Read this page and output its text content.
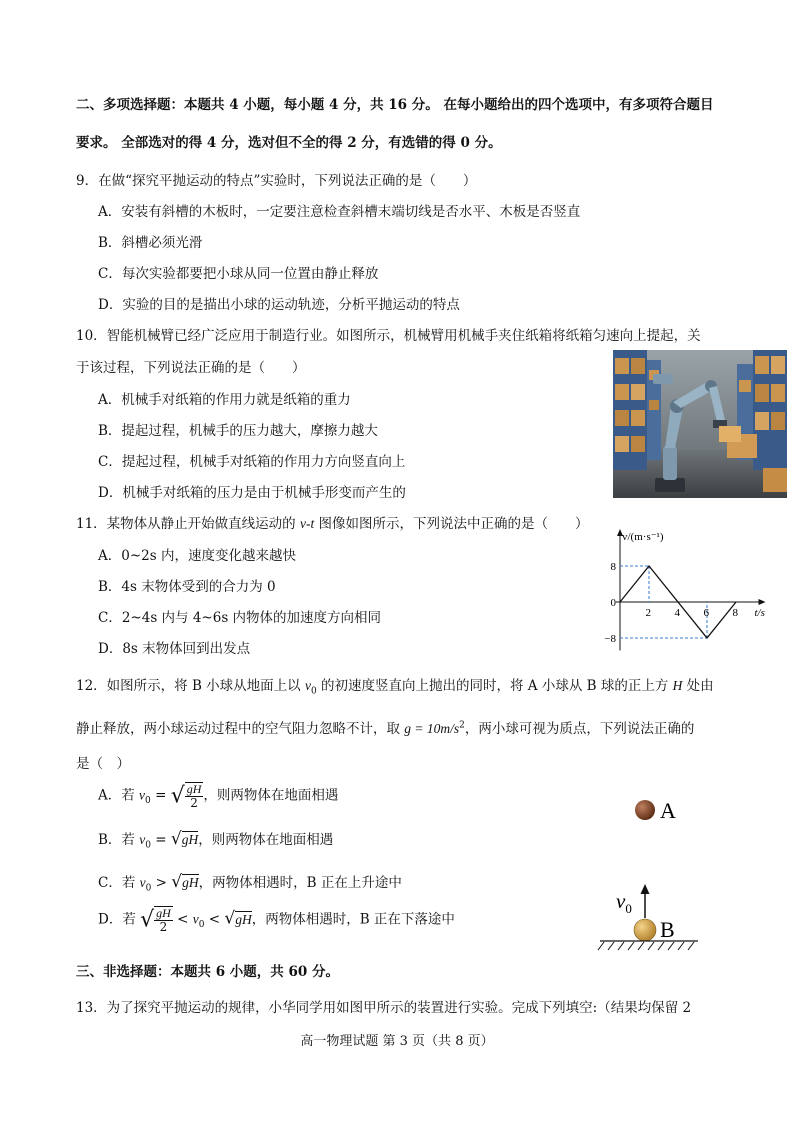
二、多项选择题：本题共 4 小题，每小题 4 分，共 16 分。 在每小题给出的四个选项中，有多项符合题目
要求。 全部选对的得 4 分，选对但不全的得 2 分，有选错的得 0 分。
9．在做“探究平抛运动的特点”实验时，下列说法正确的是（　　）
A．安装有斜槽的木板时，一定要注意检查斜槽末端切线是否水平、木板是否竖直
B．斜槽必须光滑
C．每次实验都要把小球从同一位置由静止释放
D．实验的目的是描出小球的运动轨迹，分析平抛运动的特点
10．智能机械臂已经广泛应用于制造行业。如图所示，机械臂用机械手夹住纸箱将纸箱匀速向上提起，关
于该过程，下列说法正确的是（　　）
A．机械手对纸箱的作用力就是纸箱的重力
B．提起过程，机械手的压力越大，摩擦力越大
C．提起过程，机械手对纸箱的作用力方向竖直向上
D．机械手对纸箱的压力是由于机械手形变而产生的
11．某物体从静止开始做直线运动的 v-t 图像如图所示，下列说法中正确的是（　　）
A．0~2s 内，速度变化越来越快
B．4s 末物体受到的合力为 0
C．2~4s 内与 4~6s 内物体的加速度方向相同
D．8s 末物体回到出发点
v/(m·s⁻¹)
t/s
2 4 6 8
8
0
−8
12．如图所示，将 B 小球从地面上以 $v_0$ 的初速度竖直向上抛出的同时，将 A 小球从 B 球的正上方 H 处由
静止释放，两小球运动过程中的空气阻力忽略不计，取 $g = 10m/s^2$，两小球可视为质点，下列说法正确的
是（　）
A．若 $v_0$ = √ $\frac{gH}{2}$ ，则两物体在地面相遇
B．若 $v_0 = √gH$，则两物体在地面相遇
C．若 $v_0 > √gH$，两物体相遇时，B 正在上升途中
D．若 √ $\frac{gH}{2} < v_0 < √gH$，两物体相遇时，B 正在下落途中
A
$v_0$
B
三、非选择题：本题共 6 小题，共 60 分。
13．为了探究平抛运动的规律，小华同学用如图甲所示的装置进行实验。完成下列填空:（结果均保留 2
高一物理试题 第 3 页（共 8 页）
